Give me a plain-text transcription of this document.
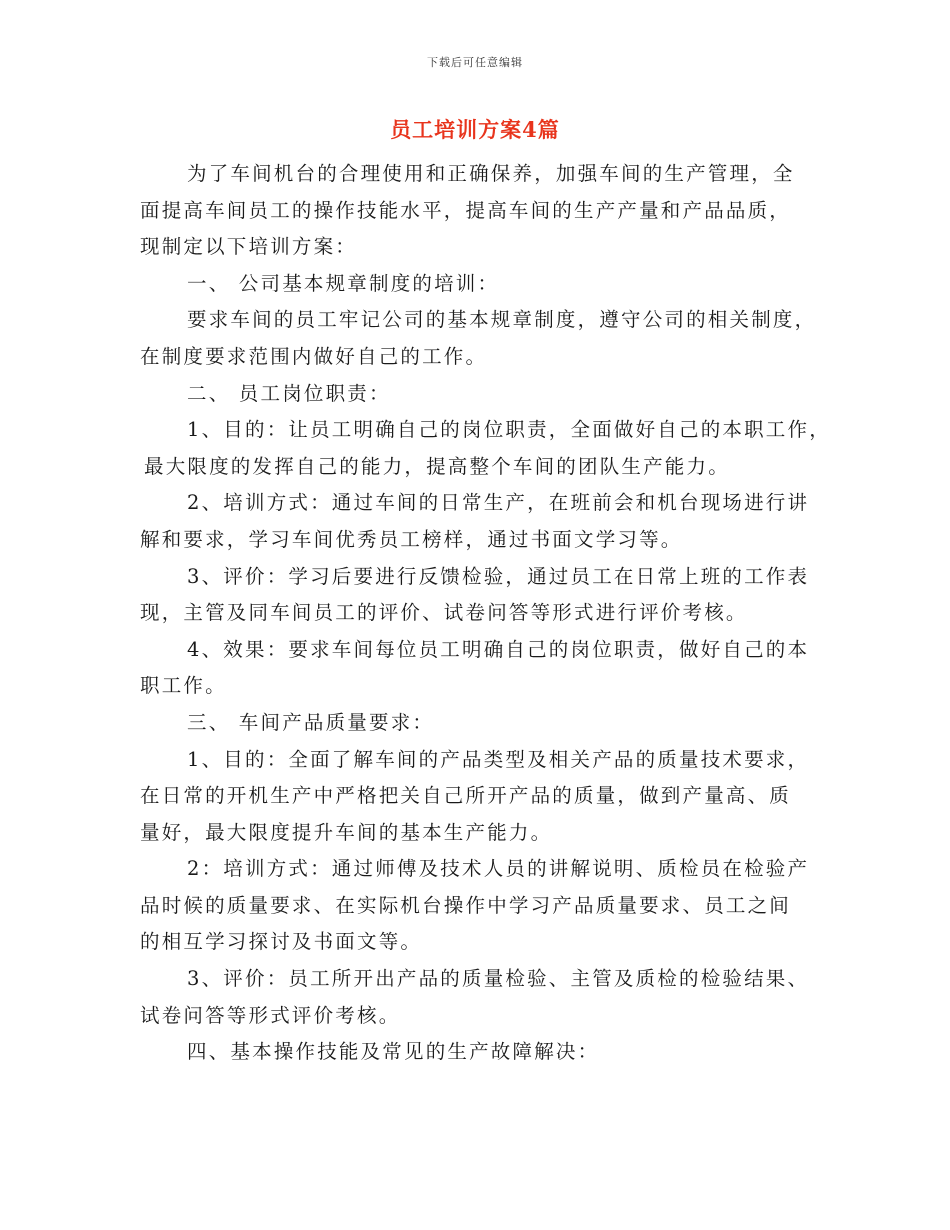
下载后可任意编辑
员工培训方案4篇
为了车间机台的合理使用和正确保养，加强车间的生产管理，全
面提高车间员工的操作技能水平，提高车间的生产产量和产品品质，
现制定以下培训方案：
一、 公司基本规章制度的培训：
要求车间的员工牢记公司的基本规章制度，遵守公司的相关制度，
在制度要求范围内做好自己的工作。
二、 员工岗位职责：
1、目的：让员工明确自己的岗位职责，全面做好自己的本职工作，
最大限度的发挥自己的能力，提高整个车间的团队生产能力。
2、培训方式：通过车间的日常生产，在班前会和机台现场进行讲
解和要求，学习车间优秀员工榜样，通过书面文学习等。
3、评价：学习后要进行反馈检验，通过员工在日常上班的工作表
现，主管及同车间员工的评价、试卷问答等形式进行评价考核。
4、效果：要求车间每位员工明确自己的岗位职责，做好自己的本
职工作。
三、 车间产品质量要求：
1、目的：全面了解车间的产品类型及相关产品的质量技术要求，
在日常的开机生产中严格把关自己所开产品的质量，做到产量高、质
量好，最大限度提升车间的基本生产能力。
2：培训方式：通过师傅及技术人员的讲解说明、质检员在检验产
品时候的质量要求、在实际机台操作中学习产品质量要求、员工之间
的相互学习探讨及书面文等。
3、评价：员工所开出产品的质量检验、主管及质检的检验结果、
试卷问答等形式评价考核。
四、基本操作技能及常见的生产故障解决：
